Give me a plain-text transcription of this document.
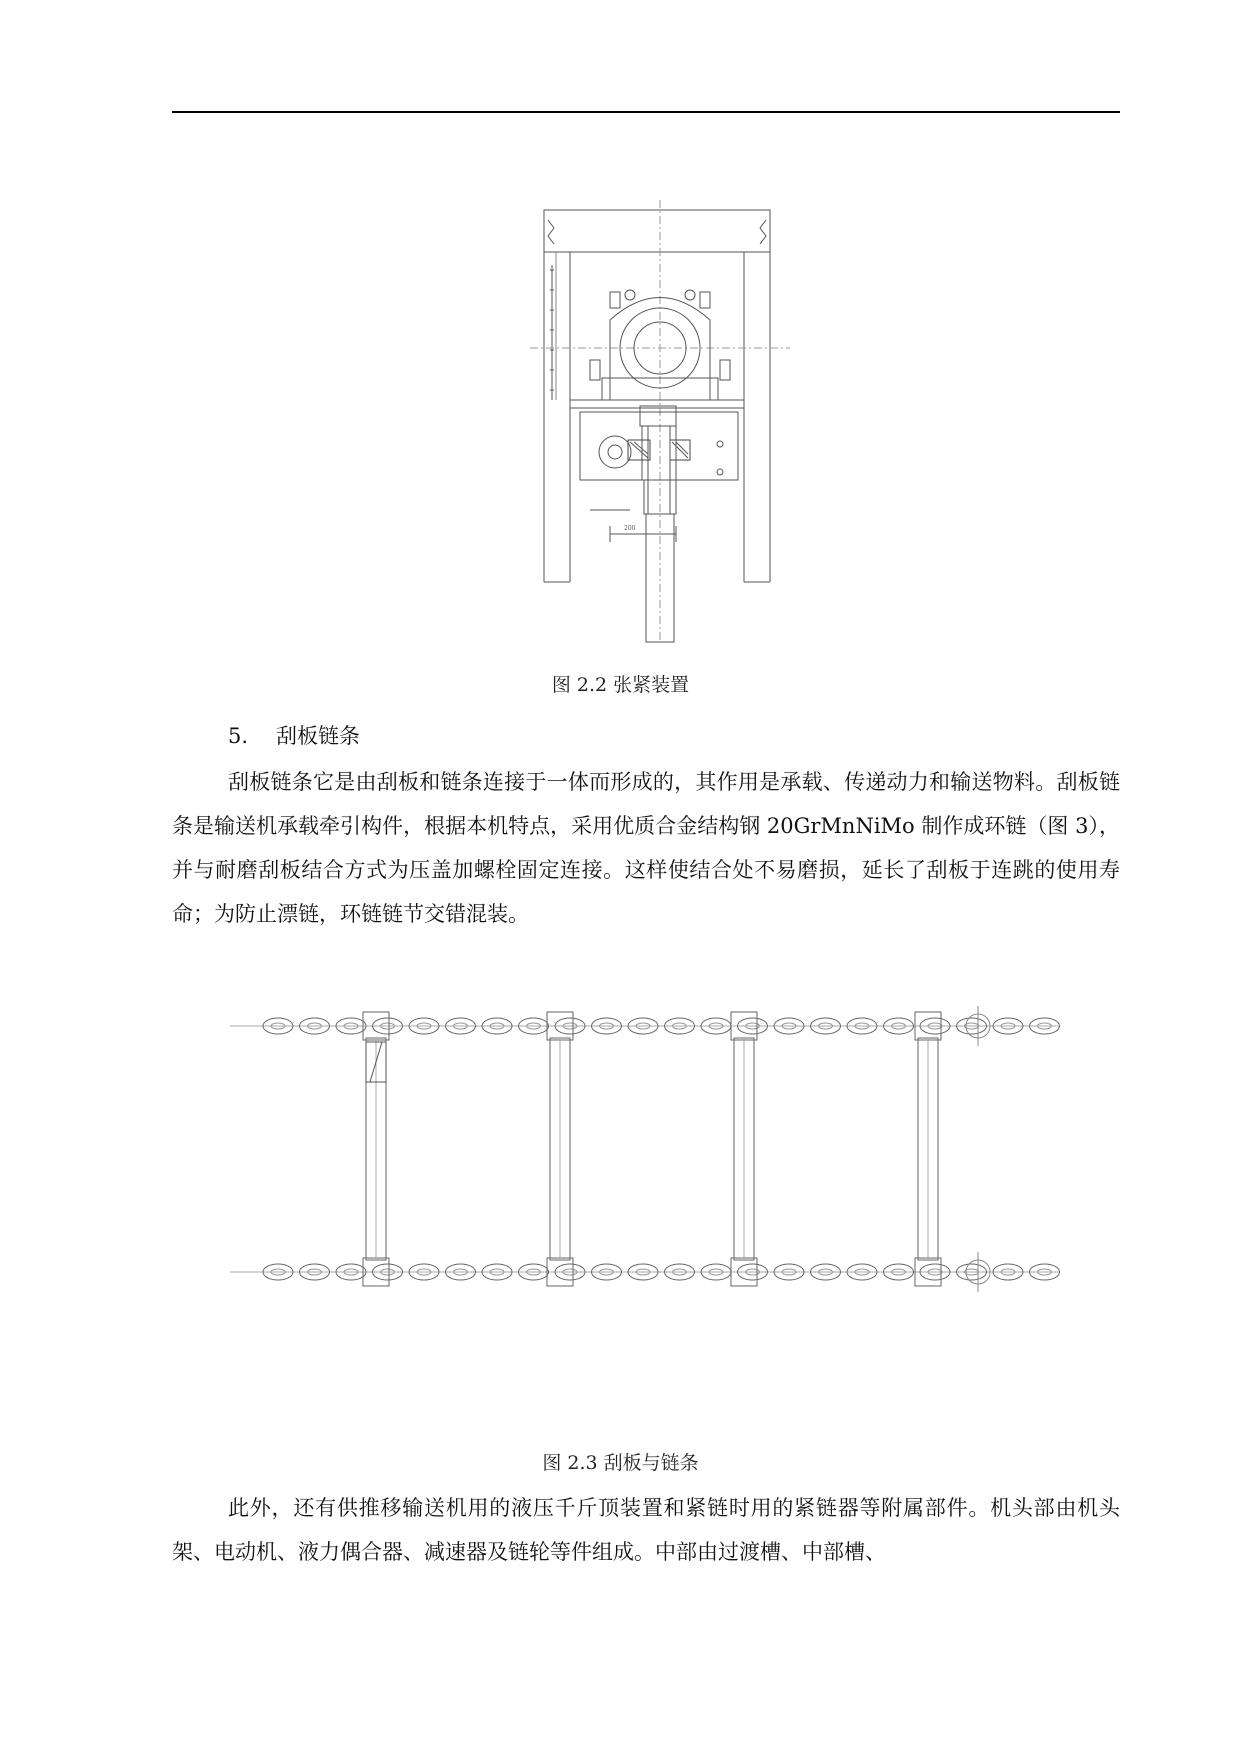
200
图 2.2 张紧装置
5. 刮板链条

刮板链条它是由刮板和链条连接于一体而形成的，其作用是承载、传递动力和输送物料。刮板链条是输送机承载牵引构件，根据本机特点，采用优质合金结构钢 20GrMnNiMo 制作成环链（图 3），并与耐磨刮板结合方式为压盖加螺栓固定连接。这样使结合处不易磨损，延长了刮板于连跳的使用寿命；为防止漂链，环链链节交错混装。

图 2.3 刮板与链条

此外，还有供推移输送机用的液压千斤顶装置和紧链时用的紧链器等附属部件。机头部由机头架、电动机、液力偶合器、减速器及链轮等件组成。中部由过渡槽、中部槽、
